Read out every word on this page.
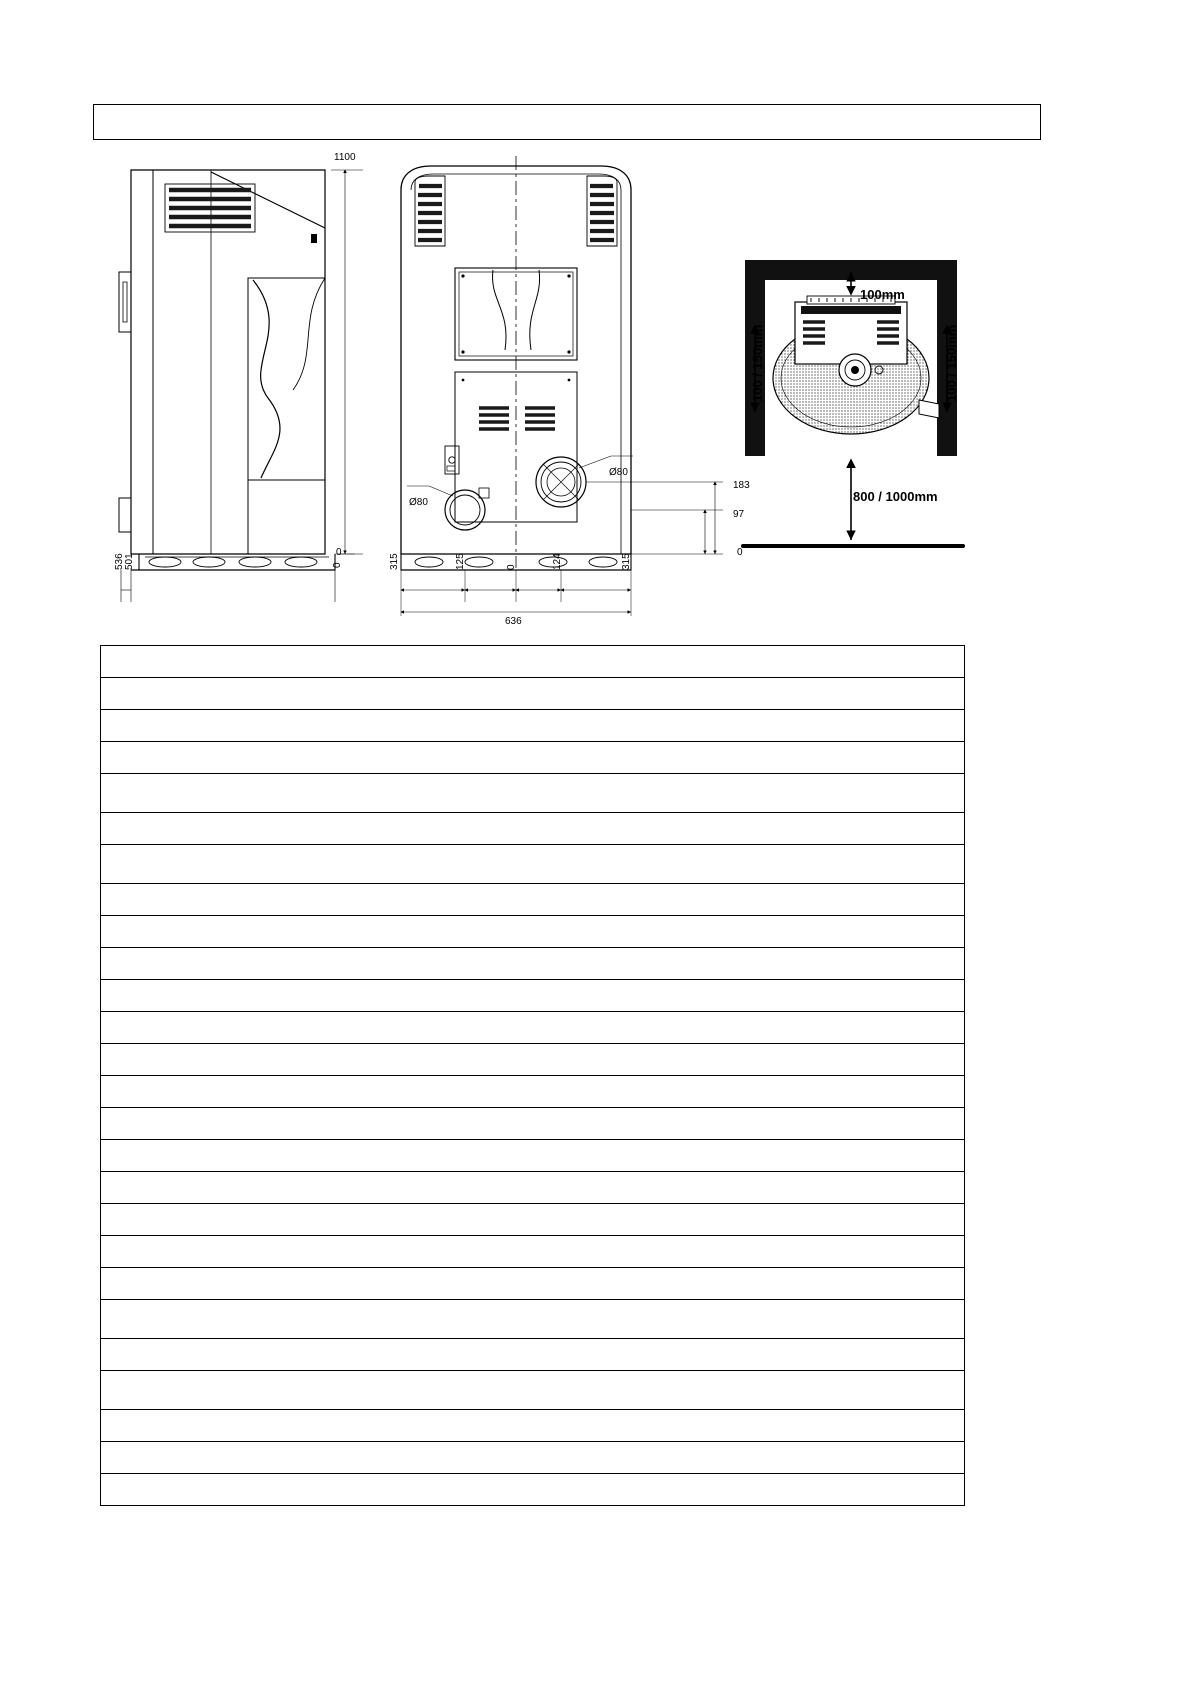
1100
0
0
536 501
Ø80
Ø80
183
97
0
315	125	0	124	315
636
100mm
100 / 150mm	100 / 150mm
800 / 1000mm
